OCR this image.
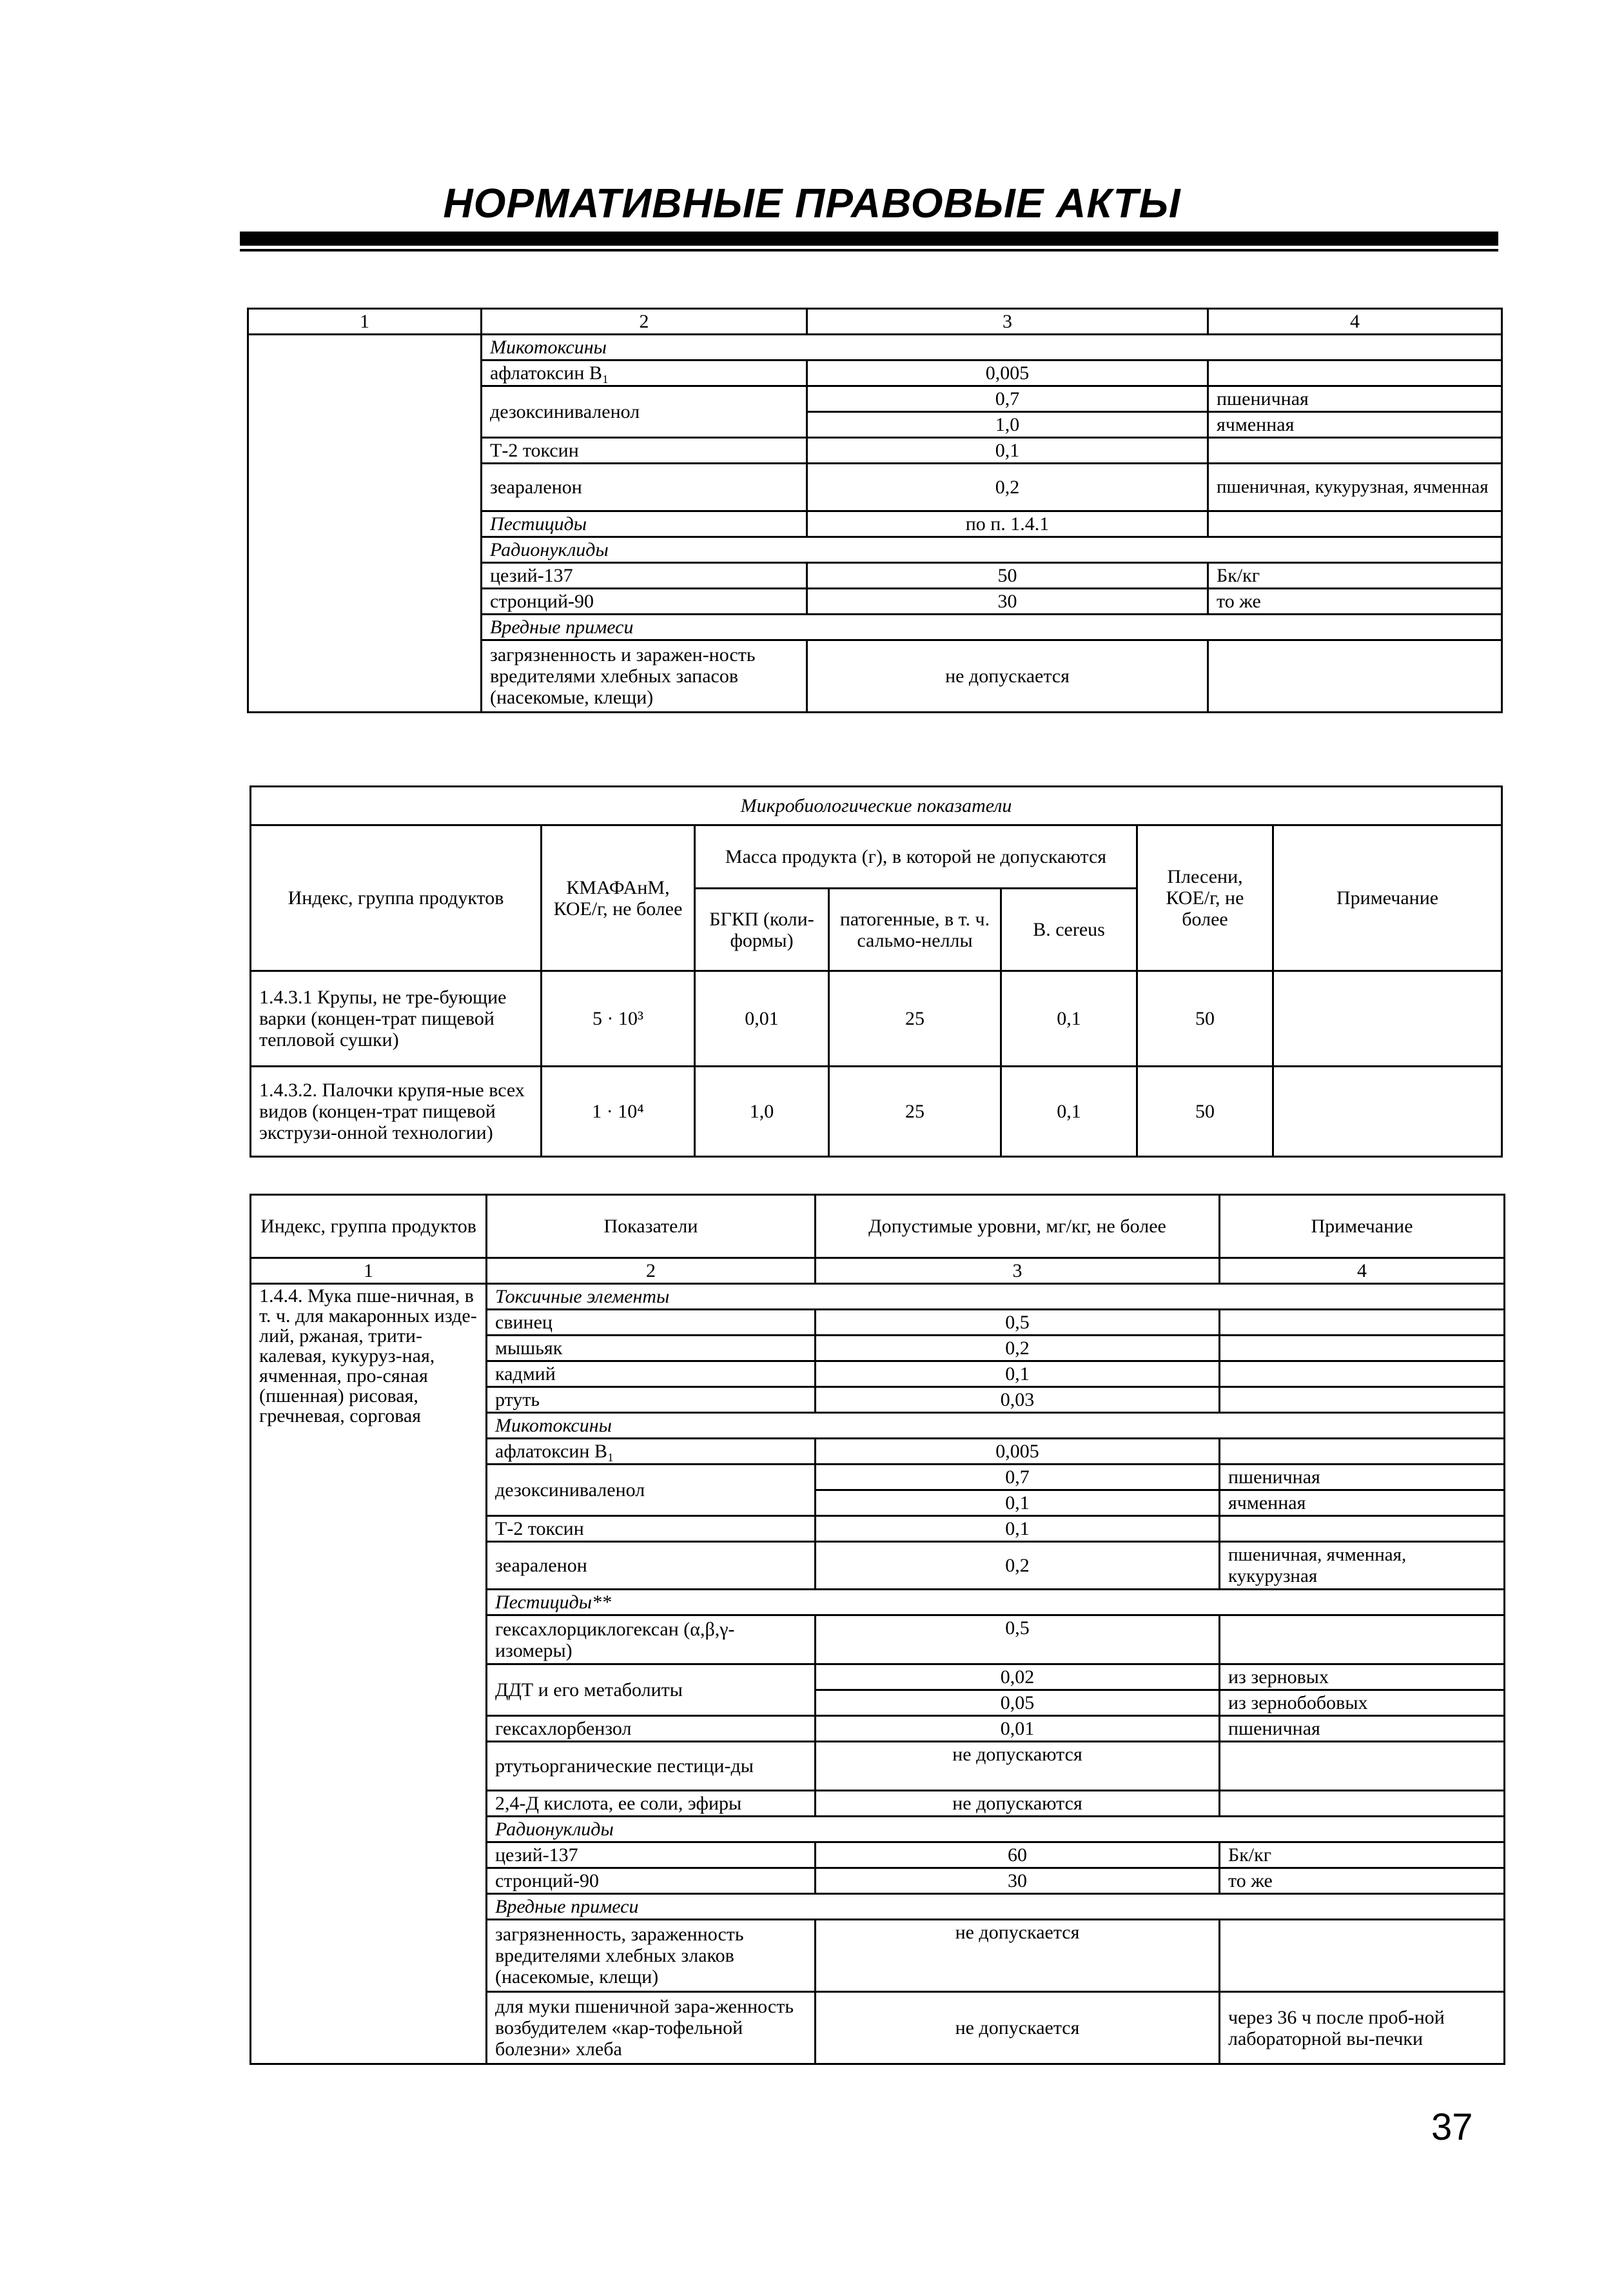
НОРМАТИВНЫЕ ПРАВОВЫЕ АКТЫ
1	2	3	4
	Микотоксины		
	афлатоксин B₁	0,005	
	дезоксиниваленол	0,7	пшеничная
		1,0	ячменная
	Т-2 токсин	0,1	
	зеараленон	0,2	пшеничная, кукурузная, ячменная
	Пестициды	по п. 1.4.1	
	Радионуклиды		
	цезий-137	50	Бк/кг
	стронций-90	30	то же
	Вредные примеси		
	загрязненность и заражен-ность вредителями хлебных запасов (насекомые, клещи)	не допускается	
Микробиологические показатели						
Индекс, группа продуктов	КМАФАнМ, КОЕ/г, не более	Масса продукта (г), в которой не допускаются			Плесени, КОЕ/г, не более	Примечание
		БГКП (коли-формы)	патогенные, в т. ч. сальмо-неллы	B. cereus		
1.4.3.1 Крупы, не тре-бующие варки (концен-трат пищевой тепловой сушки)	5 · 10³	0,01	25	0,1	50	
1.4.3.2. Палочки крупя-ные всех видов (концен-трат пищевой экструзи-онной технологии)	1 · 10⁴	1,0	25	0,1	50	
Индекс, группа продуктов	Показатели	Допустимые уровни, мг/кг, не более	Примечание
1	2	3	4
1.4.4. Мука пше-ничная, в т. ч. для макаронных изде-лий, ржаная, трити-калевая, кукуруз-ная, ячменная, про-сяная (пшенная) рисовая, гречневая, сорговая	Токсичные элементы		
	свинец	0,5	
	мышьяк	0,2	
	кадмий	0,1	
	ртуть	0,03	
	Микотоксины		
	афлатоксин B₁	0,005	
	дезоксиниваленол	0,7	пшеничная
		0,1	ячменная
	Т-2 токсин	0,1	
	зеараленон	0,2	пшеничная, ячменная, кукурузная
	Пестициды**		
	гексахлорциклогексан (α,β,γ-изомеры)	0,5	
	ДДТ и его метаболиты	0,02	из зерновых
		0,05	из зернобобовых
	гексахлорбензол	0,01	пшеничная
	ртутьорганические пестици-ды	не допускаются	
	2,4-Д кислота, ее соли, эфиры	не допускаются	
	Радионуклиды		
	цезий-137	60	Бк/кг
	стронций-90	30	то же
	Вредные примеси		
	загрязненность, зараженность вредителями хлебных злаков (насекомые, клещи)	не допускается	
	для муки пшеничной зара-женность возбудителем «кар-тофельной болезни» хлеба	не допускается	через 36 ч после проб-ной лабораторной вы-печки
37
